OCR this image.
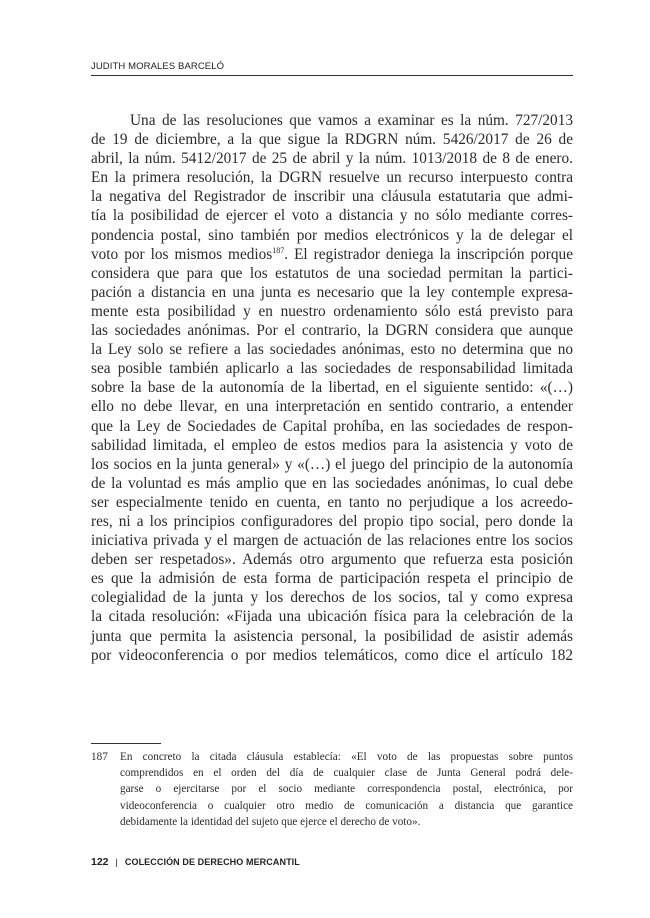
JUDITH MORALES BARCELÓ
Una de las resoluciones que vamos a examinar es la núm. 727/2013
de 19 de diciembre, a la que sigue la RDGRN núm. 5426/2017 de 26 de
abril, la núm. 5412/2017 de 25 de abril y la núm. 1013/2018 de 8 de enero.
En la primera resolución, la DGRN resuelve un recurso interpuesto contra
la negativa del Registrador de inscribir una cláusula estatutaria que admi-
tía la posibilidad de ejercer el voto a distancia y no sólo mediante corres-
pondencia postal, sino también por medios electrónicos y la de delegar el
voto por los mismos medios$^{187}$. El registrador deniega la inscripción porque
considera que para que los estatutos de una sociedad permitan la partici-
pación a distancia en una junta es necesario que la ley contemple expresa-
mente esta posibilidad y en nuestro ordenamiento sólo está previsto para
las sociedades anónimas. Por el contrario, la DGRN considera que aunque
la Ley solo se refiere a las sociedades anónimas, esto no determina que no
sea posible también aplicarlo a las sociedades de responsabilidad limitada
sobre la base de la autonomía de la libertad, en el siguiente sentido: «(…)
ello no debe llevar, en una interpretación en sentido contrario, a entender
que la Ley de Sociedades de Capital prohíba, en las sociedades de respon-
sabilidad limitada, el empleo de estos medios para la asistencia y voto de
los socios en la junta general» y «(…) el juego del principio de la autonomía
de la voluntad es más amplio que en las sociedades anónimas, lo cual debe
ser especialmente tenido en cuenta, en tanto no perjudique a los acreedo-
res, ni a los principios configuradores del propio tipo social, pero donde la
iniciativa privada y el margen de actuación de las relaciones entre los socios
deben ser respetados». Además otro argumento que refuerza esta posición
es que la admisión de esta forma de participación respeta el principio de
colegialidad de la junta y los derechos de los socios, tal y como expresa
la citada resolución: «Fijada una ubicación física para la celebración de la
junta que permita la asistencia personal, la posibilidad de asistir además
por videoconferencia o por medios telemáticos, como dice el artículo 182
187 En concreto la citada cláusula establecía: «El voto de las propuestas sobre puntos
comprendidos en el orden del día de cualquier clase de Junta General podrá dele-
garse o ejercitarse por el socio mediante correspondencia postal, electrónica, por
videoconferencia o cualquier otro medio de comunicación a distancia que garantice
debidamente la identidad del sujeto que ejerce el derecho de voto».
122 | COLECCIÓN DE DERECHO MERCANTIL
